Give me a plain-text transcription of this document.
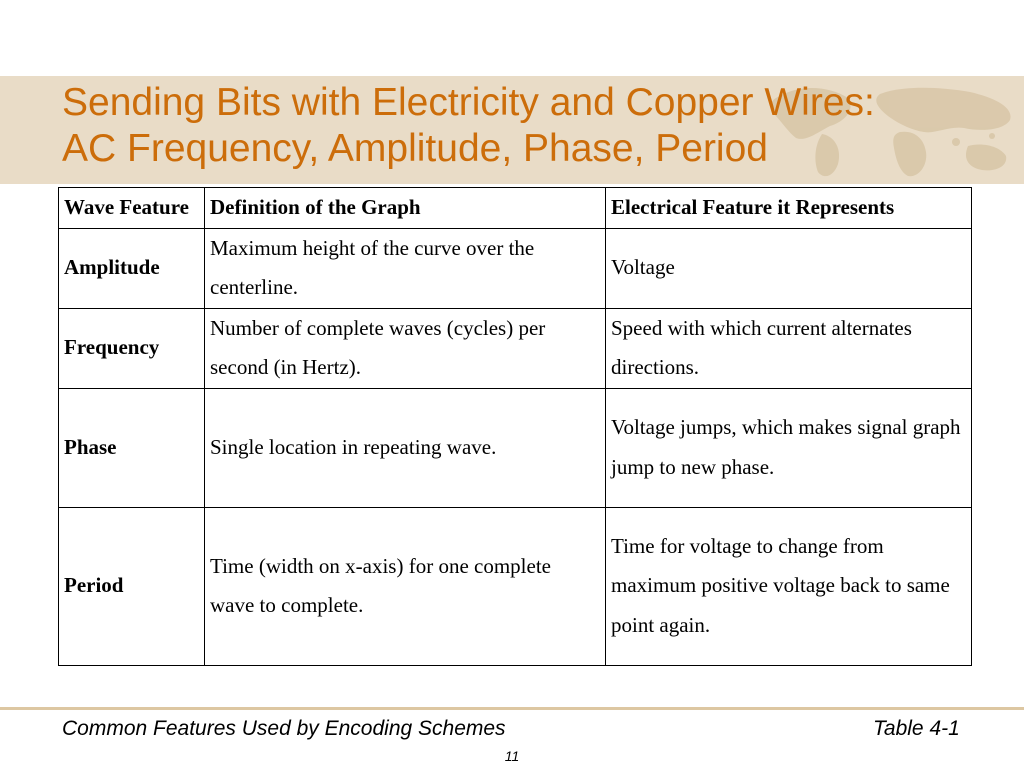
Sending Bits with Electricity and Copper Wires:
AC Frequency, Amplitude, Phase, Period
Wave Feature	Definition of the Graph	Electrical Feature it Represents
Amplitude	Maximum height of the curve over the centerline.	Voltage
Frequency	Number of complete waves (cycles) per second (in Hertz).	Speed with which current alternates directions.
Phase	Single location in repeating wave.	Voltage jumps, which makes signal graph jump to new phase.
Period	Time (width on x-axis) for one complete wave to complete.	Time for voltage to change from maximum positive voltage back to same point again.
Common Features Used by Encoding Schemes	Table 4-1
11
